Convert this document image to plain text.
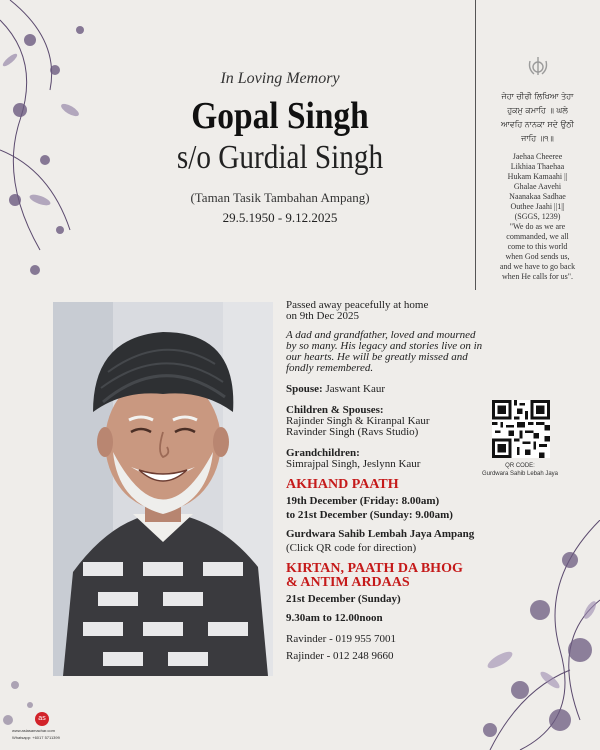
In Loving Memory
Gopal Singh
s/o Gurdial Singh
(Taman Tasik Tambahan Ampang)
29.5.1950 - 9.12.2025
ਜੇਹਾ ਚੀਰੀ ਲਿਖਿਆ ਤੇਹਾ
ਹੁਕਮੁ ਕਮਾਹਿ ॥ ਘਲੇ
ਆਵਹਿ ਨਾਨਕਾ ਸਦੇ ਉਠੀ
ਜਾਹਿ ॥੧॥
Jaehaa Cheeree
Likhiaa Thaehaa
Hukam Kamaahi ||
Ghalae Aavehi
Naanakaa Sadhae
Outhee Jaahi ||1||
(SGGS, 1239)
"We do as we are
commanded, we all
come to this world
when God sends us,
and we have to go back
when He calls for us".

Passed away peacefully at home

on 9th Dec 2025

A dad and grandfather, loved and mourned

by so many. His legacy and stories live on in

our hearts. He will be greatly missed and

fondly remembered.

Spouse: Jaswant Kaur

Children & Spouses:

Rajinder Singh & Kiranpal Kaur

Ravinder Singh (Ravs Studio)

Grandchildren:

Simrajpal Singh, Jeslynn Kaur

AKHAND PAATH

19th December (Friday: 8.00am)

to 21st December (Sunday: 9.00am)

Gurdwara Sahib Lembah Jaya Ampang

(Click QR code for direction)

KIRTAN, PAATH DA BHOG

& ANTIM ARDAAS

21st December (Sunday)

9.30am to 12.00noon

Ravinder - 019 955 7001

Rajinder - 012 248 9660

QR CODE:
Gurdwara Sahib Lebah Jaya
as
www.asiasamachar.com
Whatsapp: +6017 5711399
